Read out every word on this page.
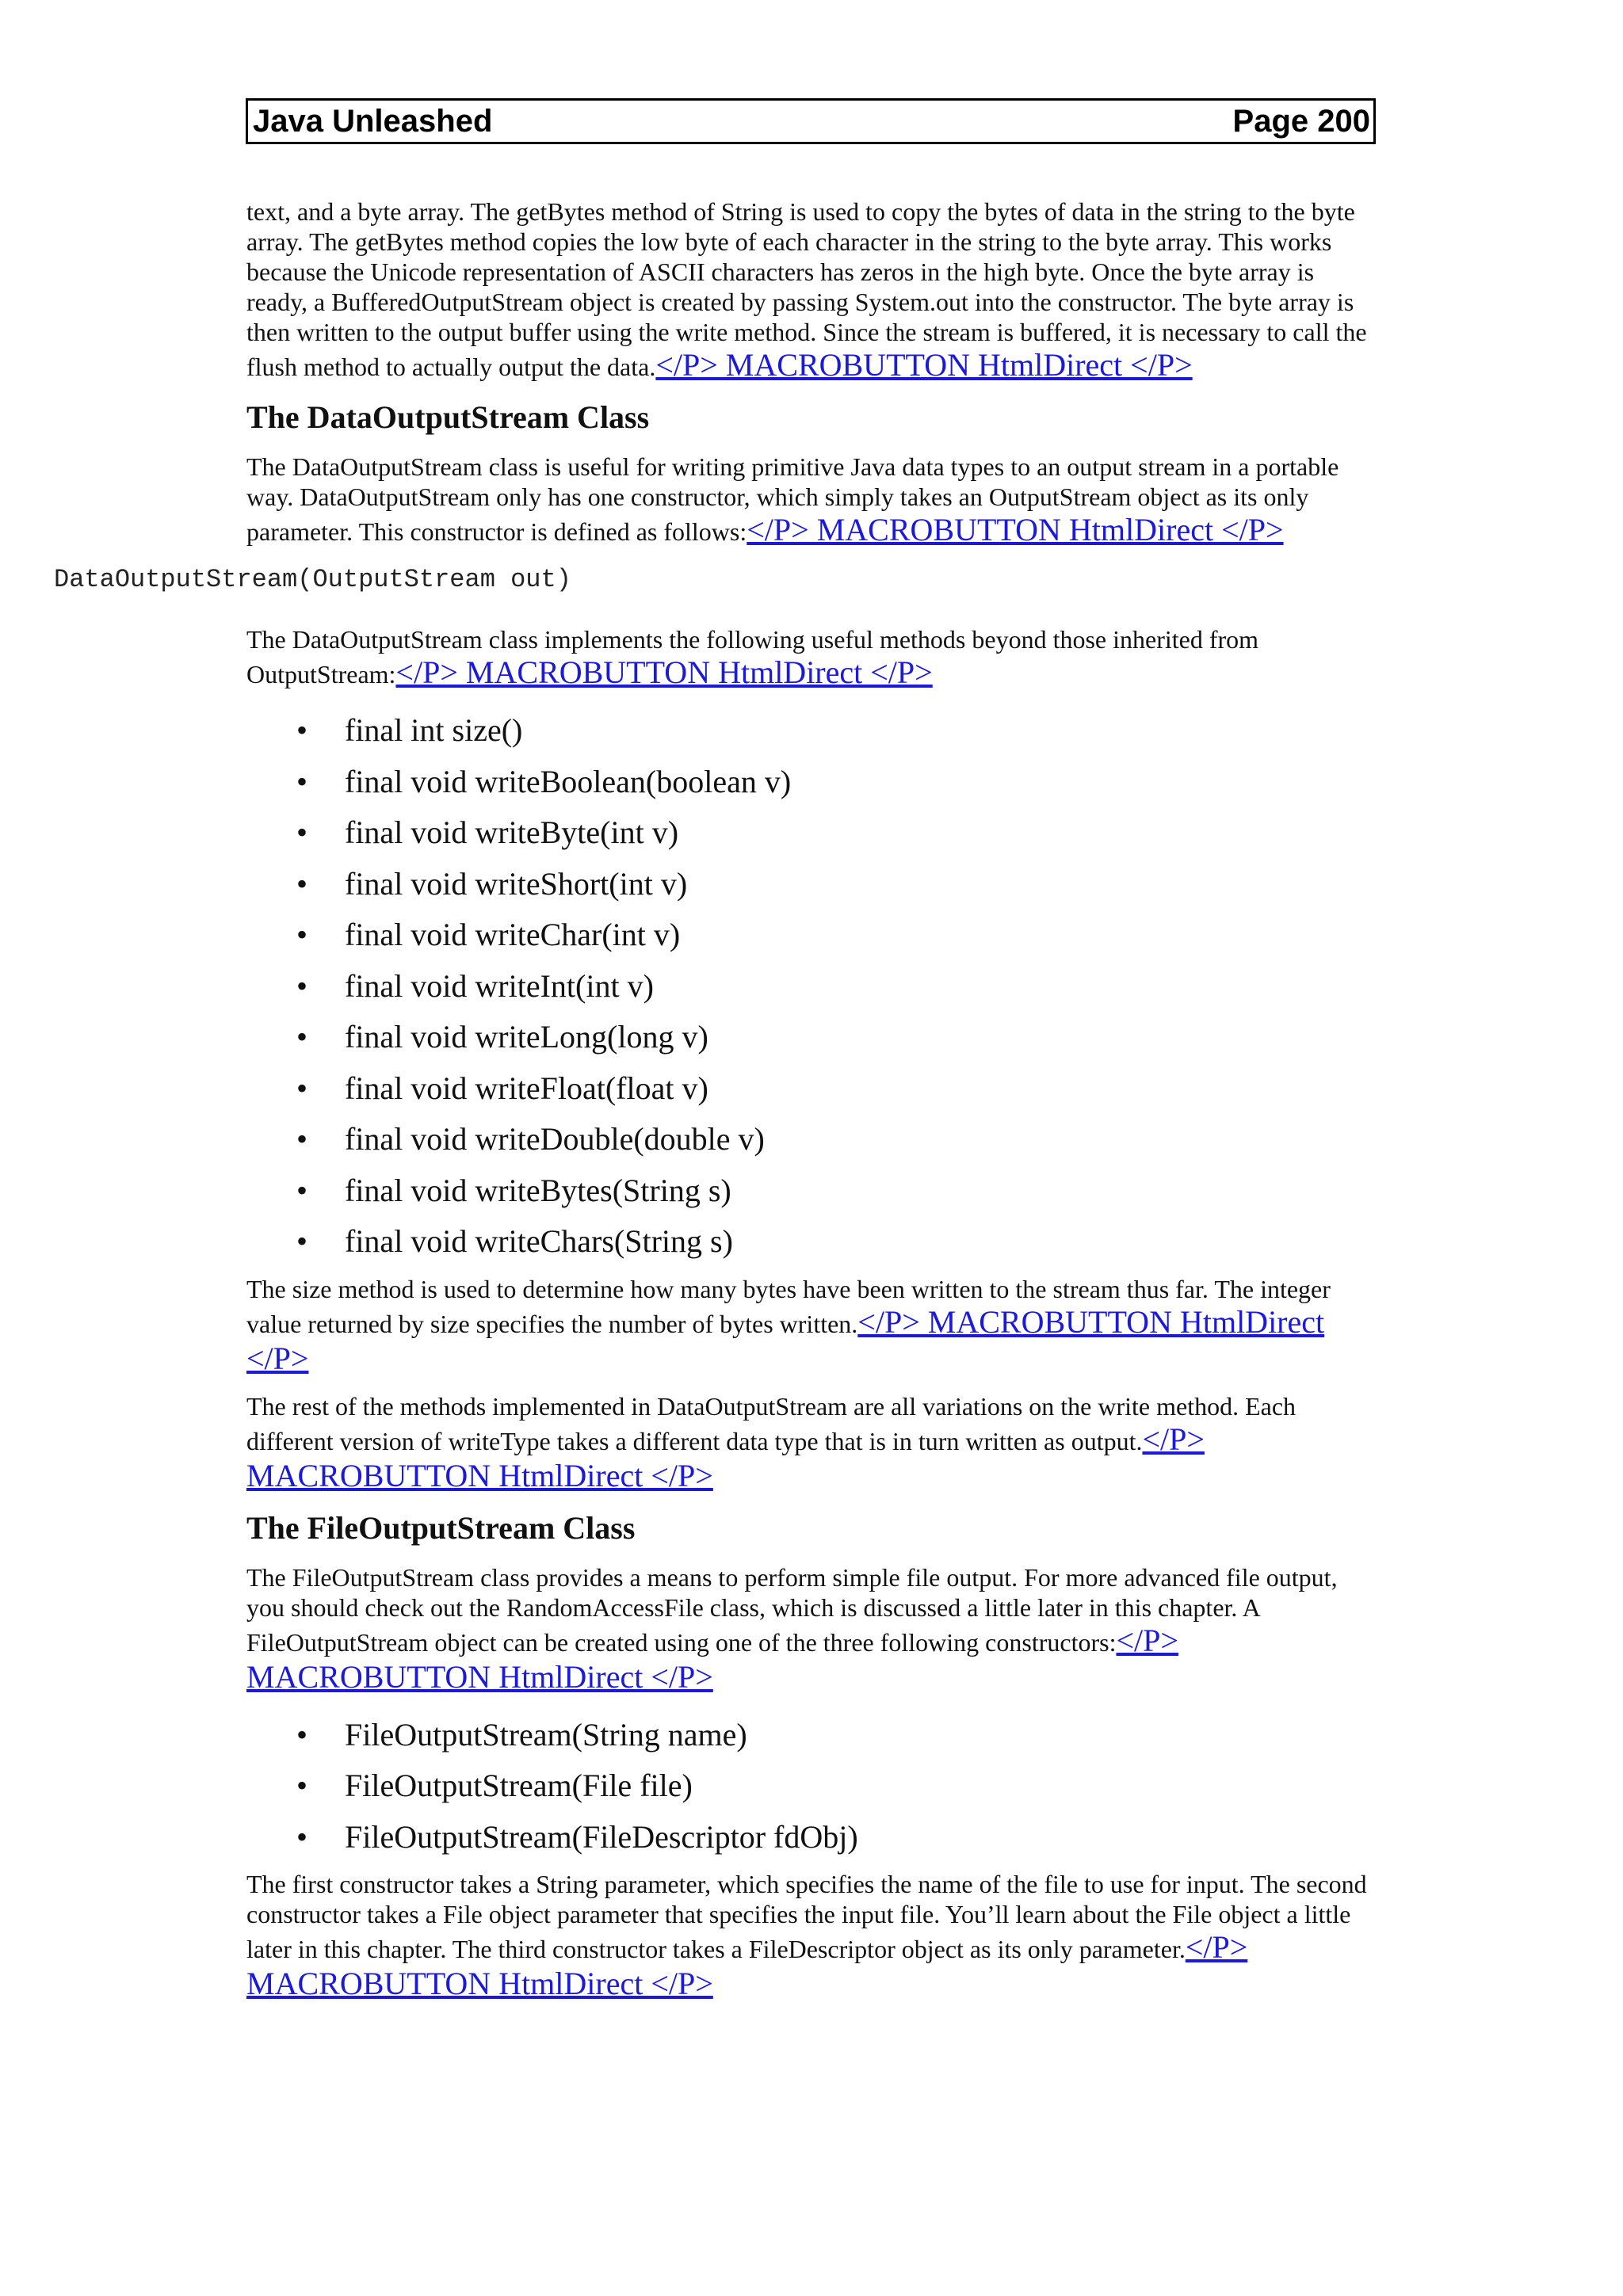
Java Unleashed	Page 200

text, and a byte array. The getBytes method of String is used to copy the bytes of data in the string to the byte array. The getBytes method copies the low byte of each character in the string to the byte array. This works because the Unicode representation of ASCII characters has zeros in the high byte. Once the byte array is ready, a BufferedOutputStream object is created by passing System.out into the constructor. The byte array is then written to the output buffer using the write method. Since the stream is buffered, it is necessary to call the flush method to actually output the data.</P> MACROBUTTON HtmlDirect </P>

The DataOutputStream Class

The DataOutputStream class is useful for writing primitive Java data types to an output stream in a portable way. DataOutputStream only has one constructor, which simply takes an OutputStream object as its only parameter. This constructor is defined as follows:</P> MACROBUTTON HtmlDirect </P>

DataOutputStream(OutputStream out)

The DataOutputStream class implements the following useful methods beyond those inherited from OutputStream:</P> MACROBUTTON HtmlDirect </P>

• final int size()
• final void writeBoolean(boolean v)
• final void writeByte(int v)
• final void writeShort(int v)
• final void writeChar(int v)
• final void writeInt(int v)
• final void writeLong(long v)
• final void writeFloat(float v)
• final void writeDouble(double v)
• final void writeBytes(String s)
• final void writeChars(String s)

The size method is used to determine how many bytes have been written to the stream thus far. The integer value returned by size specifies the number of bytes written.</P> MACROBUTTON HtmlDirect </P>

The rest of the methods implemented in DataOutputStream are all variations on the write method. Each different version of writeType takes a different data type that is in turn written as output.</P> MACROBUTTON HtmlDirect </P>

The FileOutputStream Class

The FileOutputStream class provides a means to perform simple file output. For more advanced file output, you should check out the RandomAccessFile class, which is discussed a little later in this chapter. A FileOutputStream object can be created using one of the three following constructors:</P> MACROBUTTON HtmlDirect </P>

• FileOutputStream(String name)
• FileOutputStream(File file)
• FileOutputStream(FileDescriptor fdObj)

The first constructor takes a String parameter, which specifies the name of the file to use for input. The second constructor takes a File object parameter that specifies the input file. You’ll learn about the File object a little later in this chapter. The third constructor takes a FileDescriptor object as its only parameter.</P> MACROBUTTON HtmlDirect </P>
